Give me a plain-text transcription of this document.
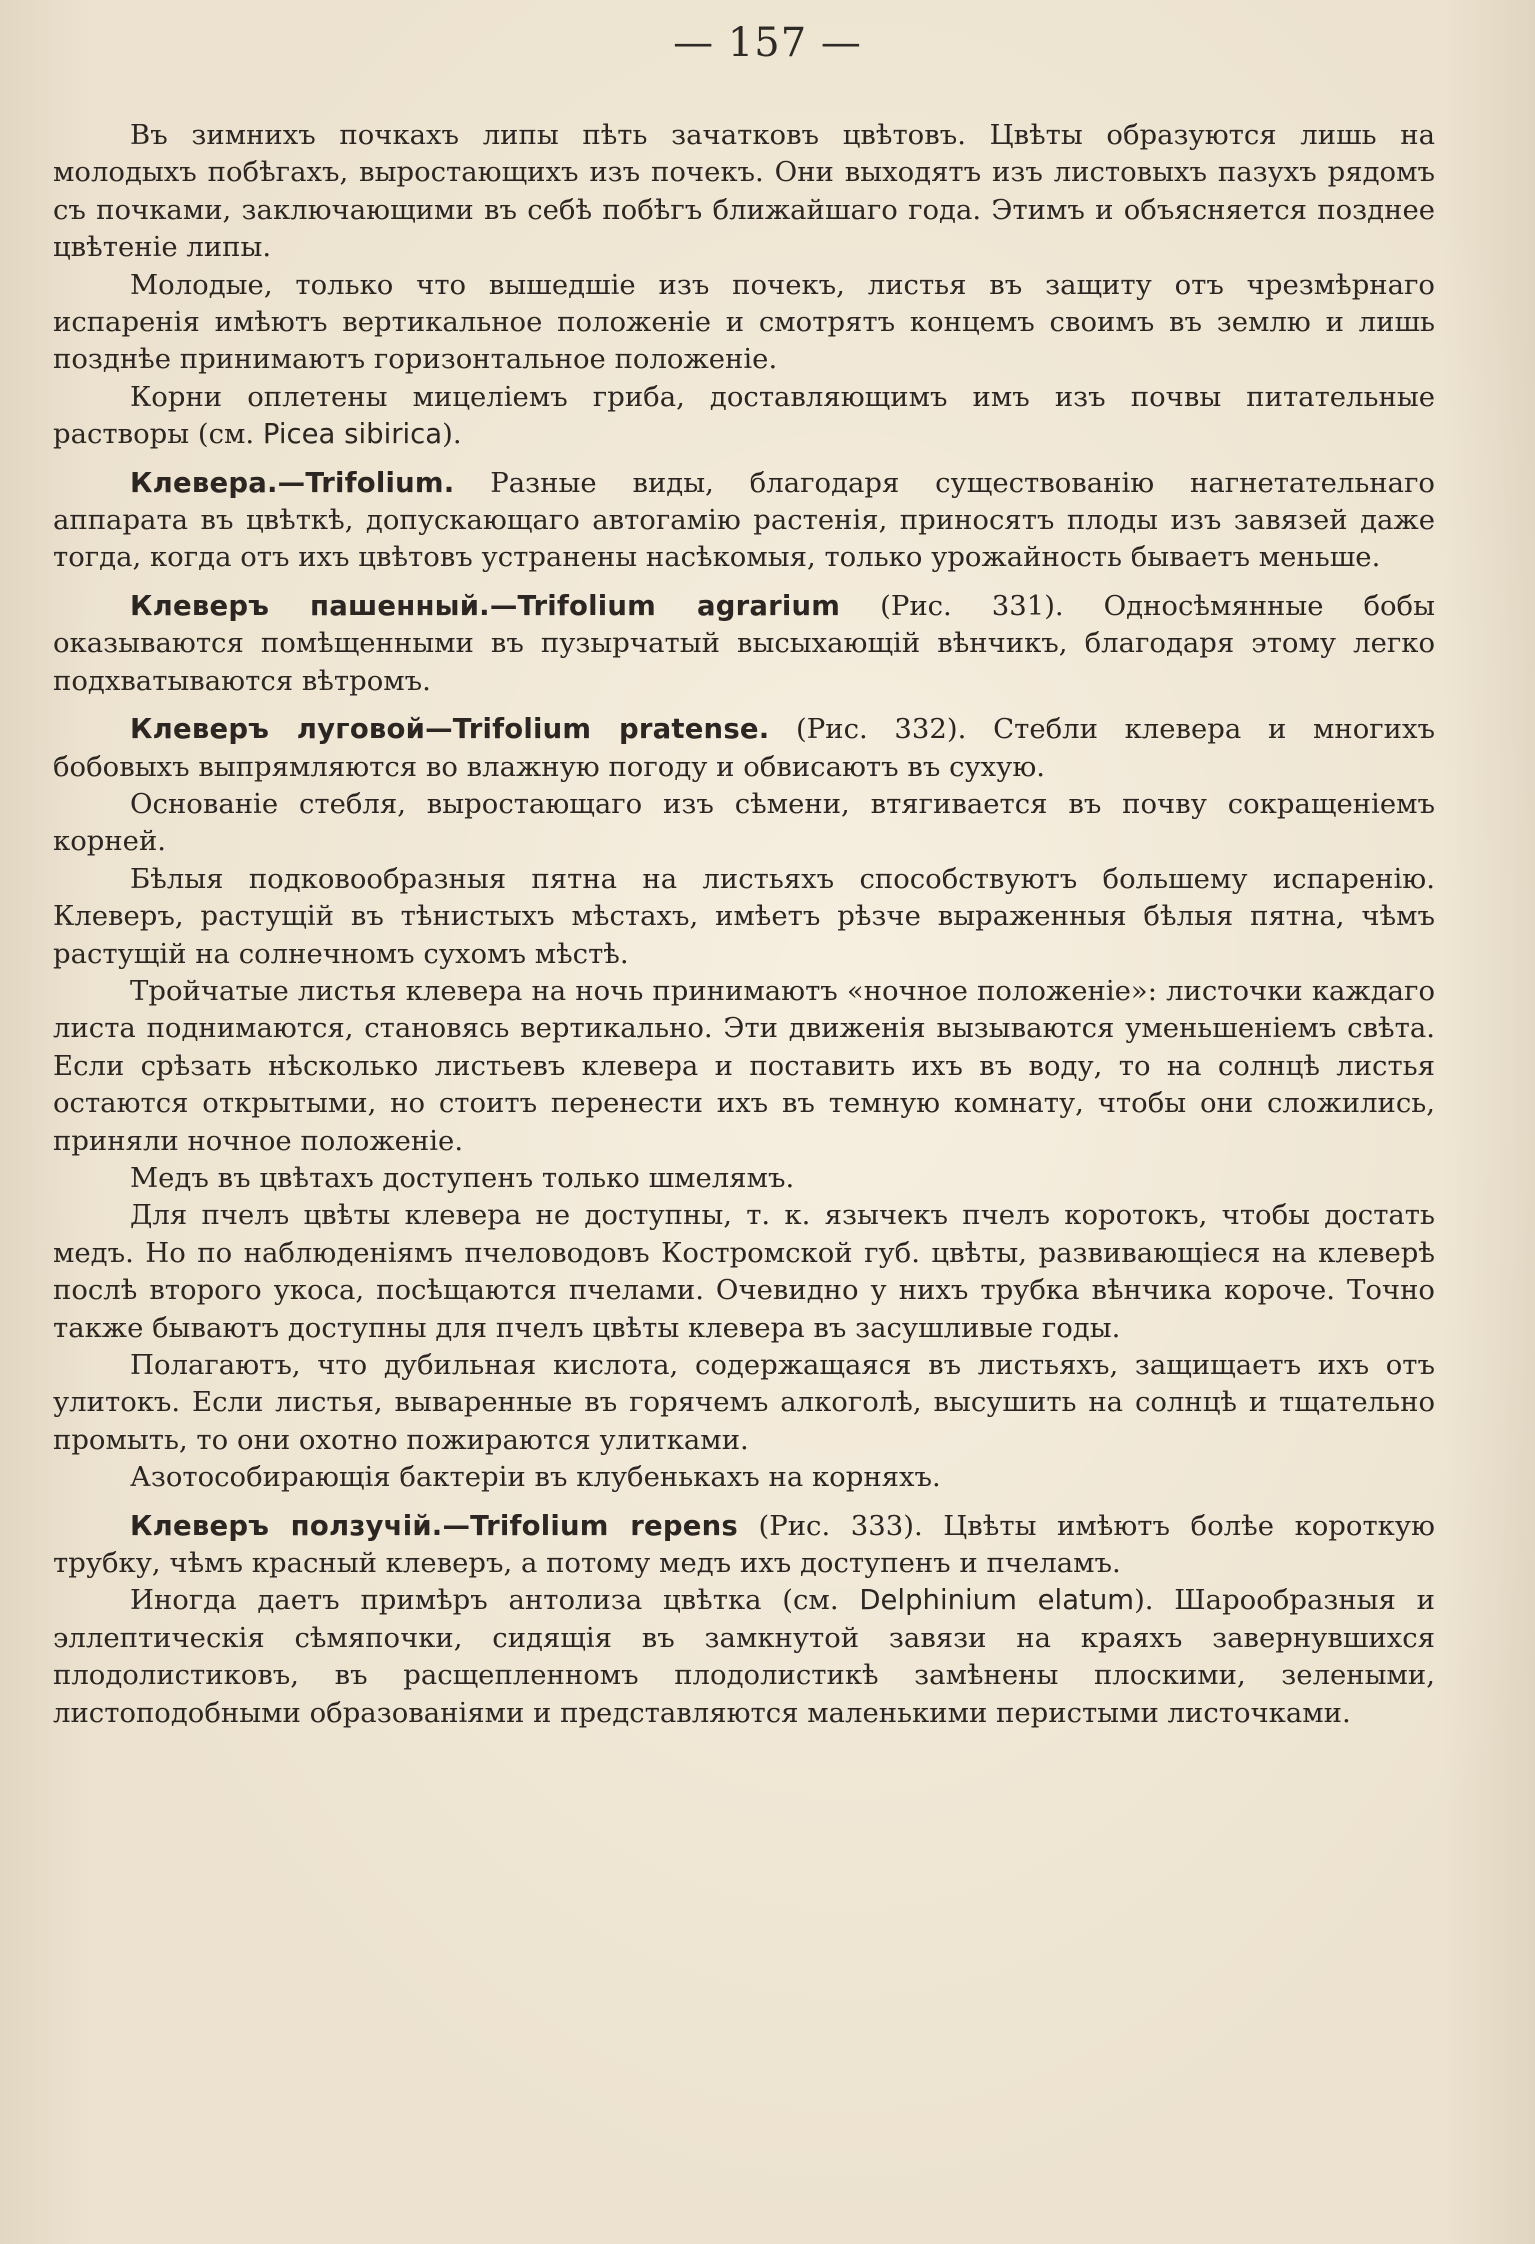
— 157 —

Въ зимнихъ почкахъ липы пѣть зачатковъ цвѣтовъ. Цвѣты образуются лишь на молодыхъ побѣгахъ, выростающихъ изъ почекъ. Они выходятъ изъ листовыхъ пазухъ рядомъ съ почками, заключающими въ себѣ побѣгъ ближайшаго года. Этимъ и объясняется позднее цвѣтеніе липы.

Молодые, только что вышедшіе изъ почекъ, листья въ защиту отъ чрезмѣрнаго испаренія имѣютъ вертикальное положеніе и смотрятъ концемъ своимъ въ землю и лишь позднѣе принимаютъ горизонтальное положеніе.

Корни оплетены мицеліемъ гриба, доставляющимъ имъ изъ почвы питательные растворы (см. Picea sibirica).

Клевера.—Trifolium. Разные виды, благодаря существованію нагнетательнаго аппарата въ цвѣткѣ, допускающаго автогамію растенія, приносятъ плоды изъ завязей даже тогда, когда отъ ихъ цвѣтовъ устранены насѣкомыя, только урожайность бываетъ меньше.

Клеверъ пашенный.—Trifolium agrarium (Рис. 331). Односѣмянные бобы оказываются помѣщенными въ пузырчатый высыхающій вѣнчикъ, благодаря этому легко подхватываются вѣтромъ.

Клеверъ луговой—Trifolium pratense. (Рис. 332). Стебли клевера и многихъ бобовыхъ выпрямляются во влажную погоду и обвисаютъ въ сухую.

Основаніе стебля, выростающаго изъ сѣмени, втягивается въ почву сокращеніемъ корней.

Бѣлыя подковообразныя пятна на листьяхъ способствуютъ большему испаренію. Клеверъ, растущій въ тѣнистыхъ мѣстахъ, имѣетъ рѣзче выраженныя бѣлыя пятна, чѣмъ растущій на солнечномъ сухомъ мѣстѣ.

Тройчатые листья клевера на ночь принимаютъ «ночное положеніе»: листочки каждаго листа поднимаются, становясь вертикально. Эти движенія вызываются уменьшеніемъ свѣта. Если срѣзать нѣсколько листьевъ клевера и поставить ихъ въ воду, то на солнцѣ листья остаются открытыми, но стоитъ перенести ихъ въ темную комнату, чтобы они сложились, приняли ночное положеніе.

Медъ въ цвѣтахъ доступенъ только шмелямъ.

Для пчелъ цвѣты клевера не доступны, т. к. язычекъ пчелъ коротокъ, чтобы достать медъ. Но по наблюденіямъ пчеловодовъ Костромской губ. цвѣты, развивающіеся на клеверѣ послѣ второго укоса, посѣщаются пчелами. Очевидно у нихъ трубка вѣнчика короче. Точно также бываютъ доступны для пчелъ цвѣты клевера въ засушливые годы.

Полагаютъ, что дубильная кислота, содержащаяся въ листьяхъ, защищаетъ ихъ отъ улитокъ. Если листья, вываренные въ горячемъ алкоголѣ, высушить на солнцѣ и тщательно промыть, то они охотно пожираются улитками.

Азотособирающія бактеріи въ клубенькахъ на корняхъ.

Клеверъ ползучій.—Trifolium repens (Рис. 333). Цвѣты имѣютъ болѣе короткую трубку, чѣмъ красный клеверъ, а потому медъ ихъ доступенъ и пчеламъ.

Иногда даетъ примѣръ антолиза цвѣтка (см. Delphinium elatum). Шарообразныя и эллептическія сѣмяпочки, сидящія въ замкнутой завязи на краяхъ завернувшихся плодолистиковъ, въ расщепленномъ плодолистикѣ замѣнены плоскими, зелеными, листоподобными образованіями и представляются маленькими перистыми листочками.
